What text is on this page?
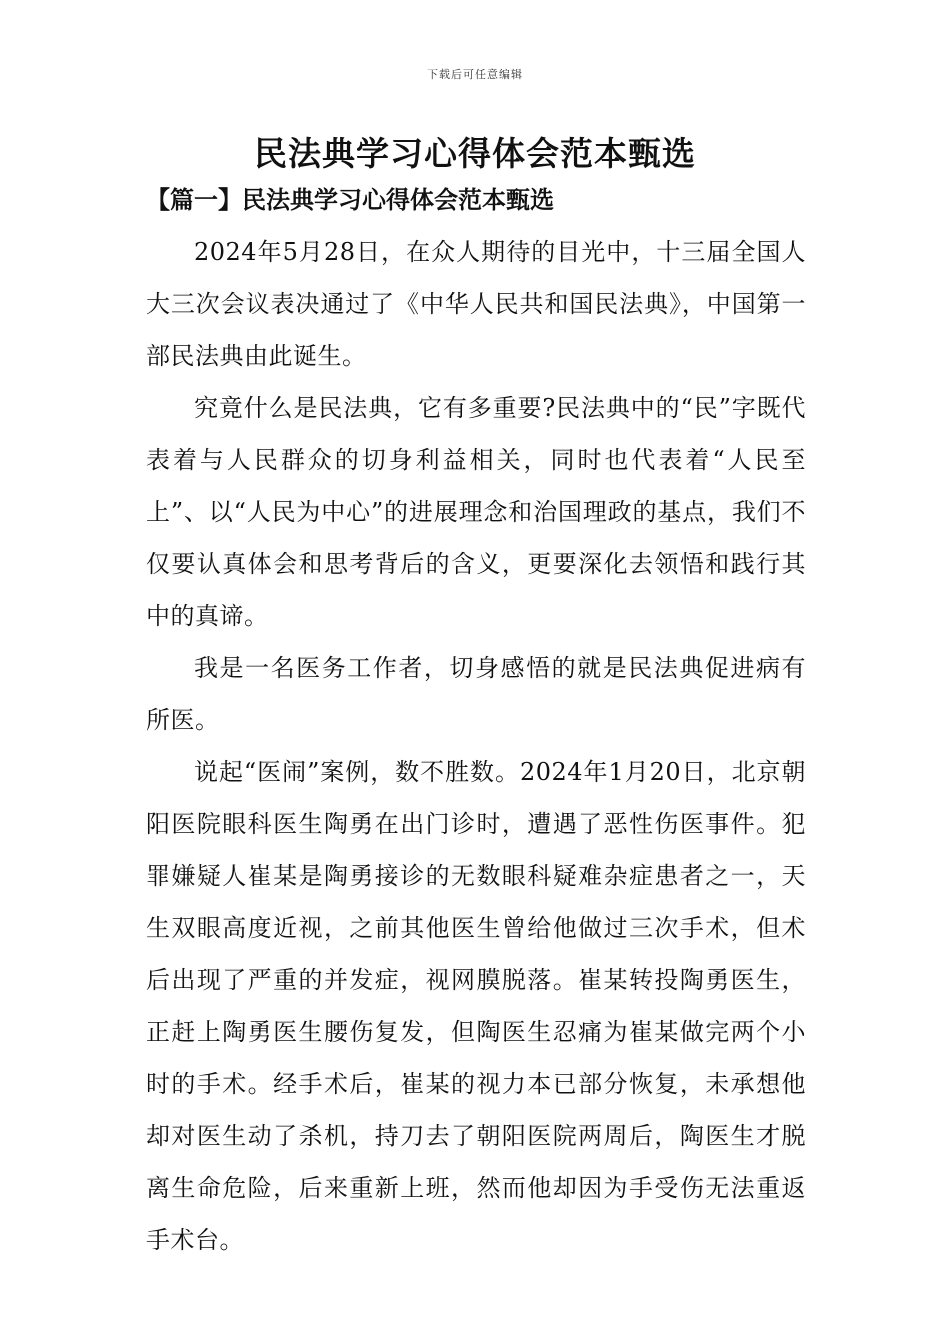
下载后可任意编辑
民法典学习心得体会范本甄选
【篇一】民法典学习心得体会范本甄选

2024年5月28日，在众人期待的目光中，十三届全国人大三次会议表决通过了《中华人民共和国民法典》，中国第一部民法典由此诞生。

究竟什么是民法典，它有多重要?民法典中的“民”字既代表着与人民群众的切身利益相关，同时也代表着“人民至上”、以“人民为中心”的进展理念和治国理政的基点，我们不仅要认真体会和思考背后的含义，更要深化去领悟和践行其中的真谛。

我是一名医务工作者，切身感悟的就是民法典促进病有所医。

说起“医闹”案例，数不胜数。2024年1月20日，北京朝阳医院眼科医生陶勇在出门诊时，遭遇了恶性伤医事件。犯罪嫌疑人崔某是陶勇接诊的无数眼科疑难杂症患者之一，天生双眼高度近视，之前其他医生曾给他做过三次手术，但术后出现了严重的并发症，视网膜脱落。崔某转投陶勇医生，正赶上陶勇医生腰伤复发，但陶医生忍痛为崔某做完两个小时的手术。经手术后，崔某的视力本已部分恢复，未承想他却对医生动了杀机，持刀去了朝阳医院两周后，陶医生才脱离生命危险，后来重新上班，然而他却因为手受伤无法重返手术台。
